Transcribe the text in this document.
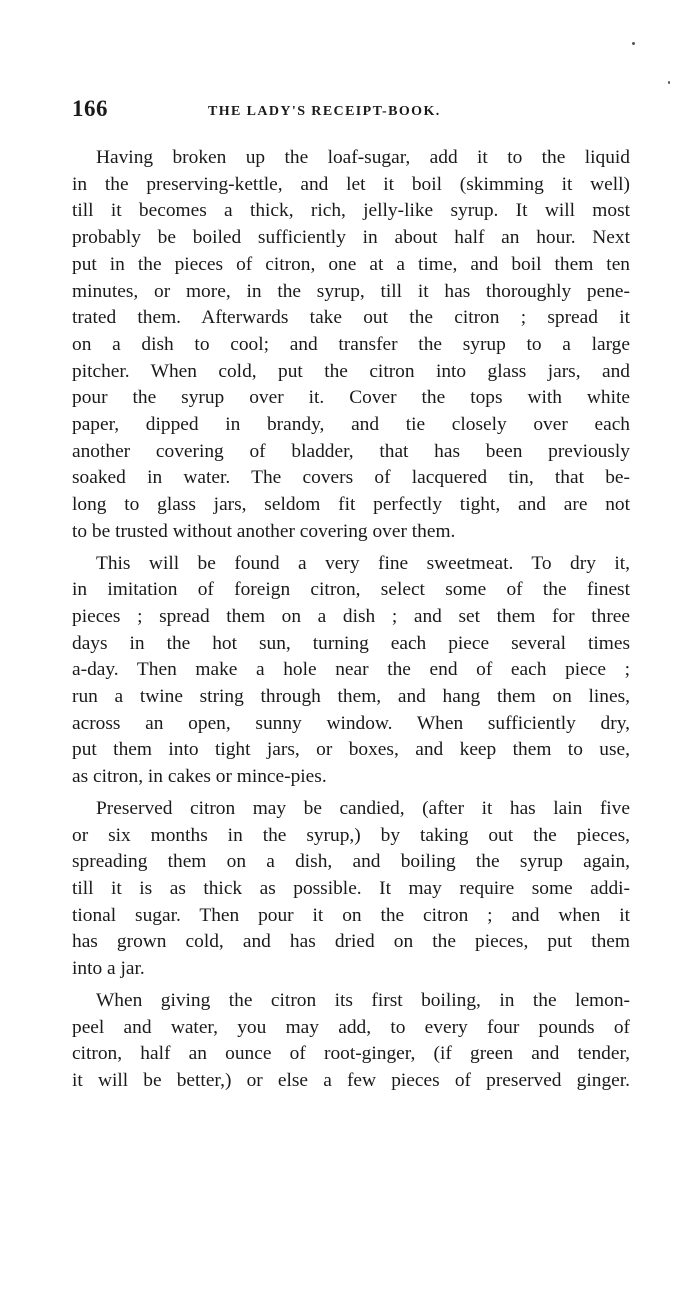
166	THE LADY'S RECEIPT-BOOK.

Having broken up the loaf-sugar, add it to the liquid
in the preserving-kettle, and let it boil (skimming it well)
till it becomes a thick, rich, jelly-like syrup. It will most
probably be boiled sufficiently in about half an hour. Next
put in the pieces of citron, one at a time, and boil them ten
minutes, or more, in the syrup, till it has thoroughly pene-
trated them. Afterwards take out the citron ; spread it
on a dish to cool; and transfer the syrup to a large
pitcher. When cold, put the citron into glass jars, and
pour the syrup over it. Cover the tops with white
paper, dipped in brandy, and tie closely over each
another covering of bladder, that has been previously
soaked in water. The covers of lacquered tin, that be-
long to glass jars, seldom fit perfectly tight, and are not
to be trusted without another covering over them.

This will be found a very fine sweetmeat. To dry it,
in imitation of foreign citron, select some of the finest
pieces ; spread them on a dish ; and set them for three
days in the hot sun, turning each piece several times
a-day. Then make a hole near the end of each piece ;
run a twine string through them, and hang them on lines,
across an open, sunny window. When sufficiently dry,
put them into tight jars, or boxes, and keep them to use,
as citron, in cakes or mince-pies.

Preserved citron may be candied, (after it has lain five
or six months in the syrup,) by taking out the pieces,
spreading them on a dish, and boiling the syrup again,
till it is as thick as possible. It may require some addi-
tional sugar. Then pour it on the citron ; and when it
has grown cold, and has dried on the pieces, put them
into a jar.

When giving the citron its first boiling, in the lemon-
peel and water, you may add, to every four pounds of
citron, half an ounce of root-ginger, (if green and tender,
it will be better,) or else a few pieces of preserved ginger.
